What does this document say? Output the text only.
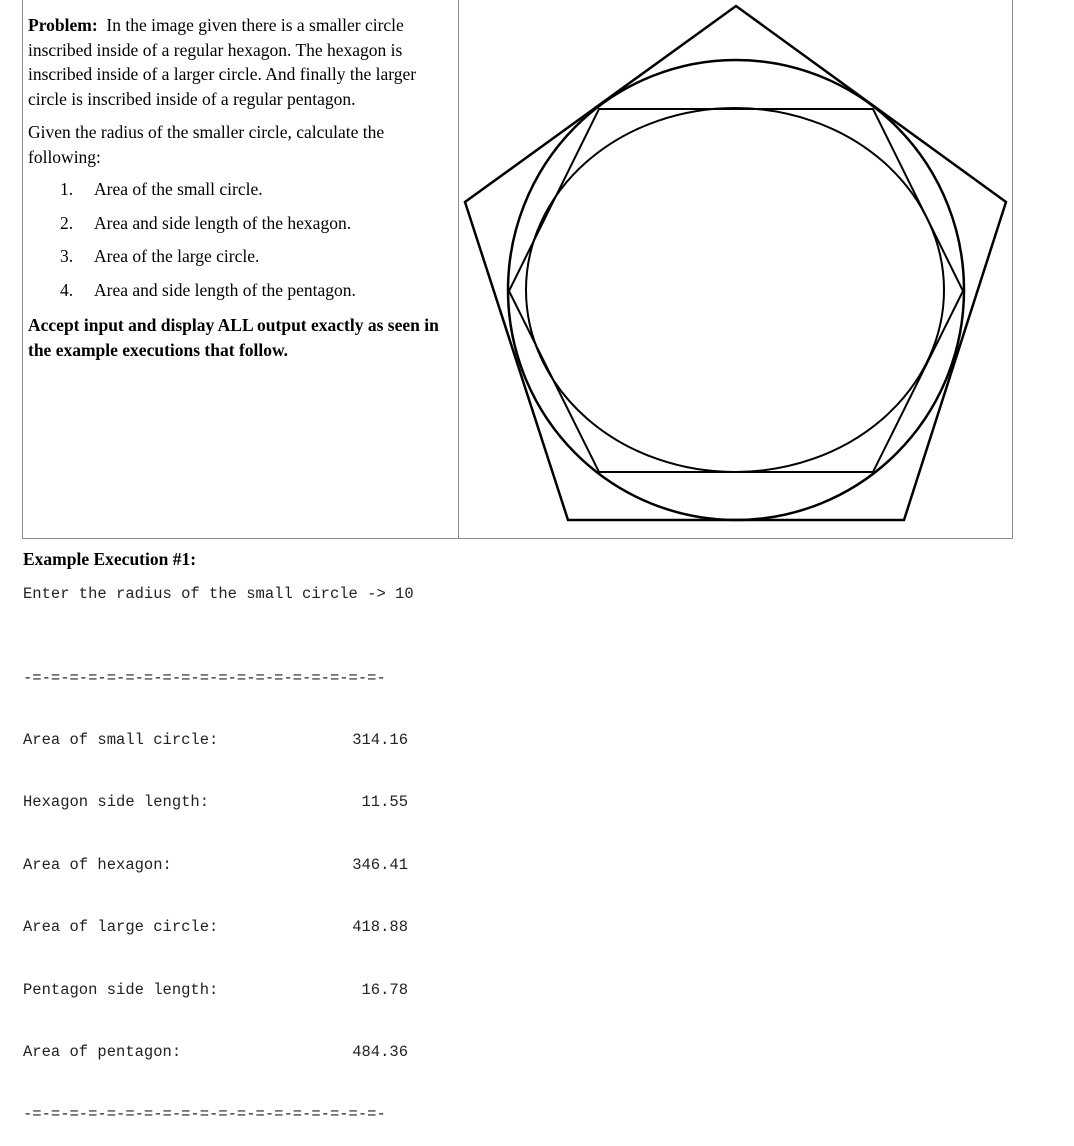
Problem: In the image given there is a smaller circle inscribed inside of a regular hexagon. The hexagon is inscribed inside of a larger circle. And finally the larger circle is inscribed inside of a regular pentagon.

Given the radius of the smaller circle, calculate the following:

1. Area of the small circle.
2. Area and side length of the hexagon.
3. Area of the large circle.
4. Area and side length of the pentagon.

Accept input and display ALL output exactly as seen in the example executions that follow.

Example Execution #1:
Enter the radius of the small circle -> 10

-=-=-=-=-=-=-=-=-=-=-=-=-=-=-=-=-=-=-=-

Area of small circle:	314.16

Hexagon side length:	11.55

Area of hexagon:	346.41

Area of large circle:	418.88

Pentagon side length:	16.78

Area of pentagon:	484.36

-=-=-=-=-=-=-=-=-=-=-=-=-=-=-=-=-=-=-=-
